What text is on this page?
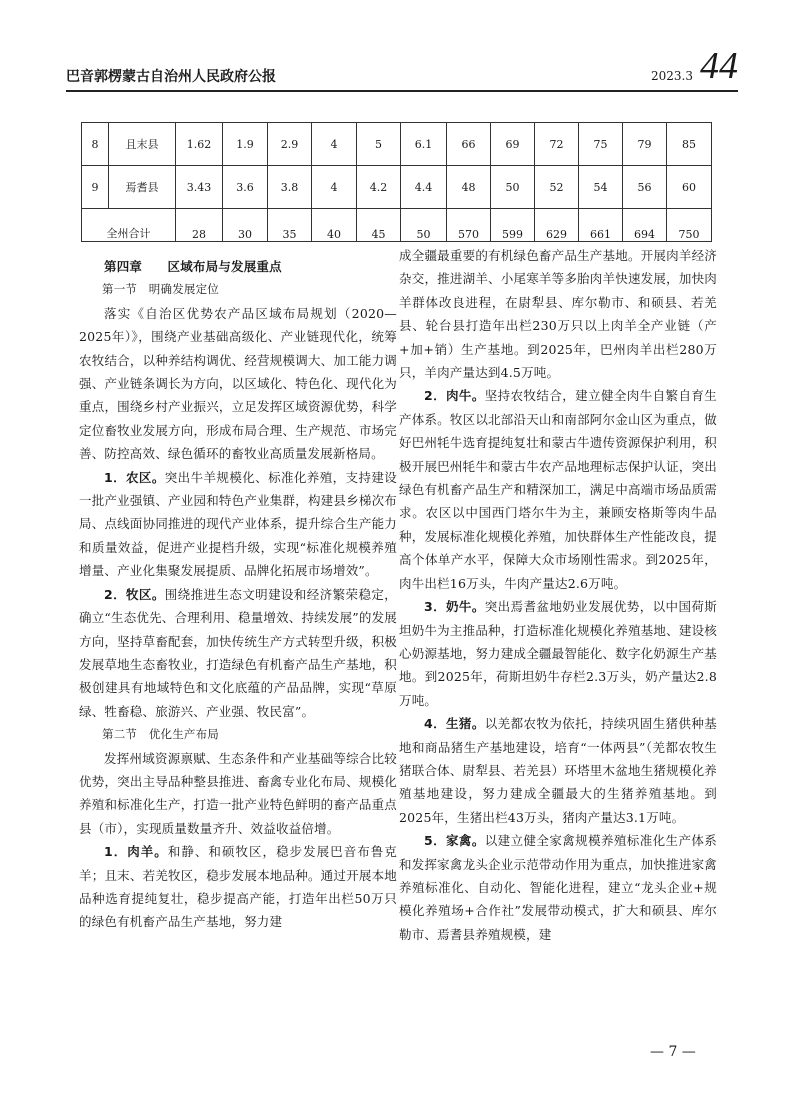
巴音郭楞蒙古自治州人民政府公报	2023.3 44
8	且末县	1.62	1.9	2.9	4	5	6.1	66	69	72	75	79	85
9	焉耆县	3.43	3.6	3.8	4	4.2	4.4	48	50	52	54	56	60
全州合计		28	30	35	40	45	50	570	599	629	661	694	750

第四章　　区域布局与发展重点

第一节　明确发展定位

落实《自治区优势农产品区域布局规划（2020—2025年）》，围绕产业基础高级化、产业链现代化，统筹农牧结合，以种养结构调优、经营规模调大、加工能力调强、产业链条调长为方向，以区域化、特色化、现代化为重点，围绕乡村产业振兴，立足发挥区域资源优势，科学定位畜牧业发展方向，形成布局合理、生产规范、市场完善、防控高效、绿色循环的畜牧业高质量发展新格局。

1．农区。突出牛羊规模化、标准化养殖，支持建设一批产业强镇、产业园和特色产业集群，构建县乡梯次布局、点线面协同推进的现代产业体系，提升综合生产能力和质量效益，促进产业提档升级，实现“标准化规模养殖增量、产业化集聚发展提质、品牌化拓展市场增效”。

2．牧区。围绕推进生态文明建设和经济繁荣稳定，确立“生态优先、合理利用、稳量增效、持续发展”的发展方向，坚持草畜配套，加快传统生产方式转型升级，积极发展草地生态畜牧业，打造绿色有机畜产品生产基地，积极创建具有地域特色和文化底蕴的产品品牌，实现“草原绿、牲畜稳、旅游兴、产业强、牧民富”。

第二节　优化生产布局

发挥州域资源禀赋、生态条件和产业基础等综合比较优势，突出主导品种整县推进、畜禽专业化布局、规模化养殖和标准化生产，打造一批产业特色鲜明的畜产品重点县（市），实现质量数量齐升、效益收益倍增。

1．肉羊。和静、和硕牧区，稳步发展巴音布鲁克羊；且末、若羌牧区，稳步发展本地品种。通过开展本地品种选育提纯复壮，稳步提高产能，打造年出栏50万只的绿色有机畜产品生产基地，努力建

成全疆最重要的有机绿色畜产品生产基地。开展肉羊经济杂交，推进湖羊、小尾寒羊等多胎肉羊快速发展，加快肉羊群体改良进程，在尉犁县、库尔勒市、和硕县、若羌县、轮台县打造年出栏230万只以上肉羊全产业链（产+加+销）生产基地。到2025年，巴州肉羊出栏280万只，羊肉产量达到4.5万吨。

2．肉牛。坚持农牧结合，建立健全肉牛自繁自育生产体系。牧区以北部沿天山和南部阿尔金山区为重点，做好巴州牦牛选育提纯复壮和蒙古牛遗传资源保护利用，积极开展巴州牦牛和蒙古牛农产品地理标志保护认证，突出绿色有机畜产品生产和精深加工，满足中高端市场品质需求。农区以中国西门塔尔牛为主，兼顾安格斯等肉牛品种，发展标准化规模化养殖，加快群体生产性能改良，提高个体单产水平，保障大众市场刚性需求。到2025年，肉牛出栏16万头，牛肉产量达2.6万吨。

3．奶牛。突出焉耆盆地奶业发展优势，以中国荷斯坦奶牛为主推品种，打造标准化规模化养殖基地、建设核心奶源基地，努力建成全疆最智能化、数字化奶源生产基地。到2025年，荷斯坦奶牛存栏2.3万头，奶产量达2.8万吨。

4．生猪。以羌都农牧为依托，持续巩固生猪供种基地和商品猪生产基地建设，培育“一体两县”（羌都农牧生猪联合体、尉犁县、若羌县）环塔里木盆地生猪规模化养殖基地建设，努力建成全疆最大的生猪养殖基地。到2025年，生猪出栏43万头，猪肉产量达3.1万吨。

5．家禽。以建立健全家禽规模养殖标准化生产体系和发挥家禽龙头企业示范带动作用为重点，加快推进家禽养殖标准化、自动化、智能化进程，建立“龙头企业+规模化养殖场+合作社”发展带动模式，扩大和硕县、库尔勒市、焉耆县养殖规模，建

— 7 —
